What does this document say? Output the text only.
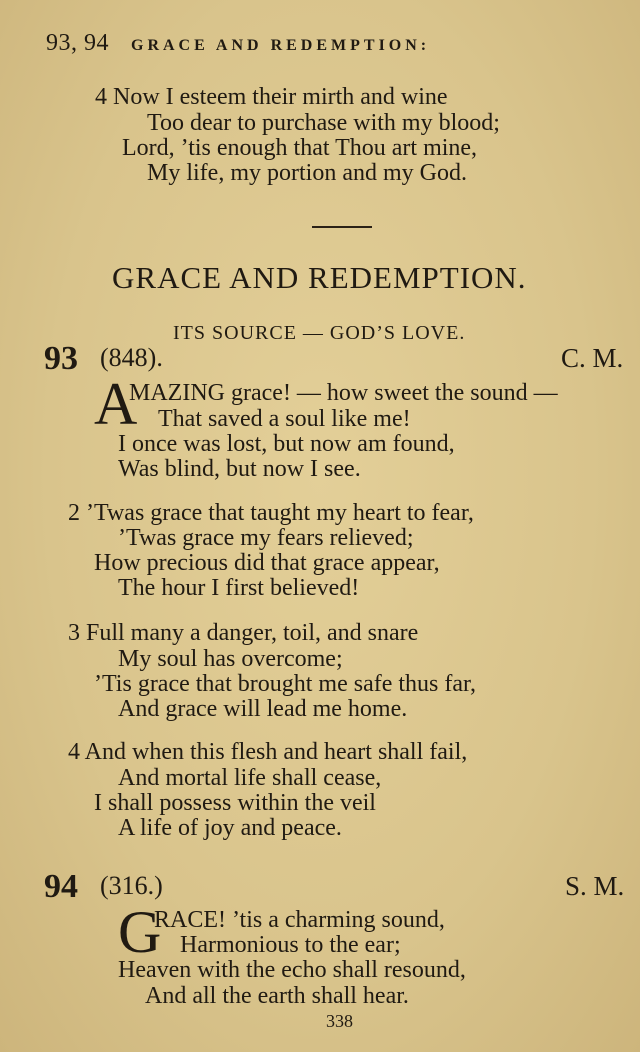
93, 94 GRACE AND REDEMPTION:
4 Now I esteem their mirth and wine
Too dear to purchase with my blood;
Lord, ’tis enough that Thou art mine,
My life, my portion and my God.
GRACE AND REDEMPTION.
ITS SOURCE — GOD’S LOVE.
93 (848).	C. M.
A
MAZING grace! — how sweet the sound —
That saved a soul like me!
I once was lost, but now am found,
Was blind, but now I see.
2 ’Twas grace that taught my heart to fear,
’Twas grace my fears relieved;
How precious did that grace appear,
The hour I first believed!
3 Full many a danger, toil, and snare
My soul has overcome;
’Tis grace that brought me safe thus far,
And grace will lead me home.
4 And when this flesh and heart shall fail,
And mortal life shall cease,
I shall possess within the veil
A life of joy and peace.
94 (316.)	S. M.
G
RACE! ’tis a charming sound,
Harmonious to the ear;
Heaven with the echo shall resound,
And all the earth shall hear.
338
